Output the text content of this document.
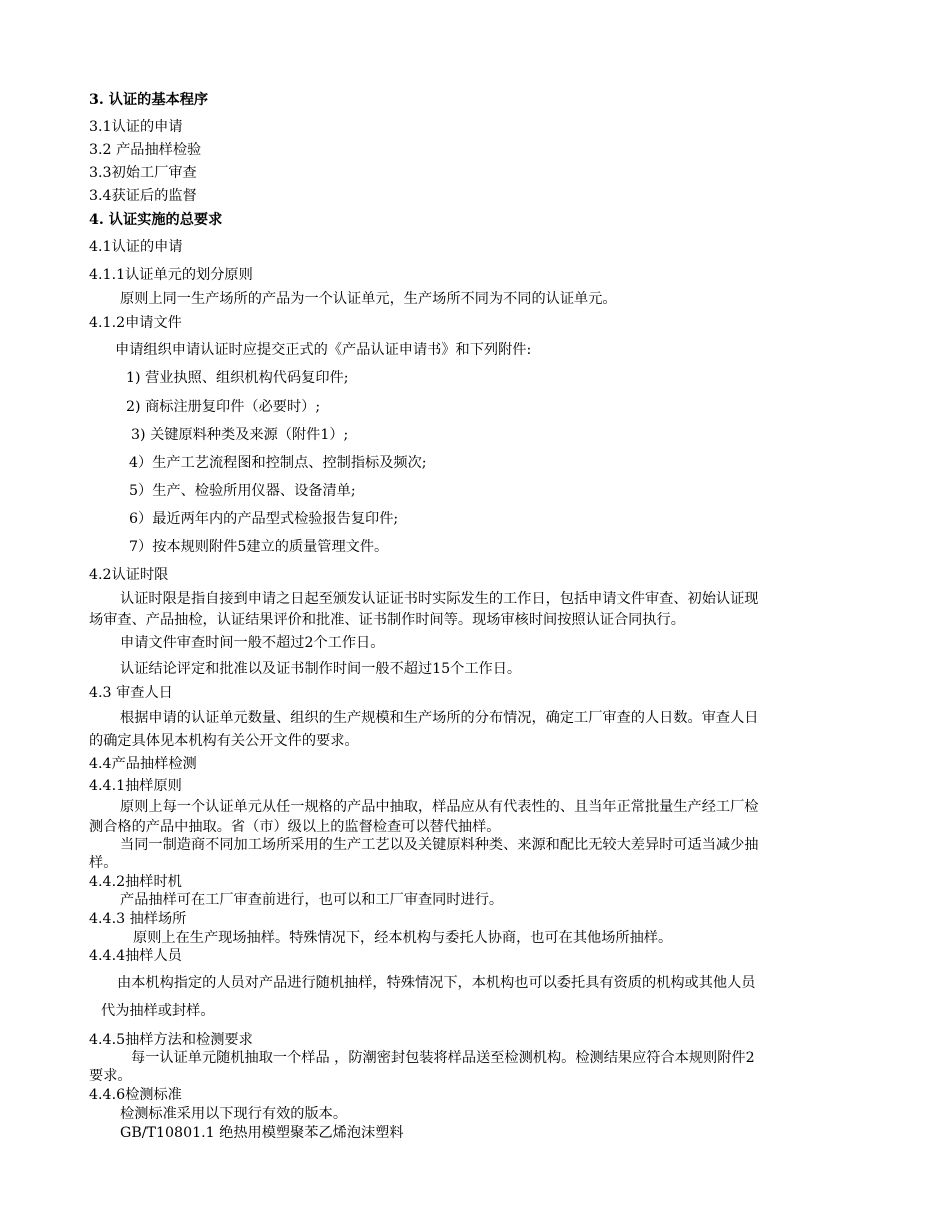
3. 认证的基本程序
3.1认证的申请
3.2 产品抽样检验
3.3初始工厂审查
3.4获证后的监督
4. 认证实施的总要求
4.1认证的申请
4.1.1认证单元的划分原则
原则上同一生产场所的产品为一个认证单元，生产场所不同为不同的认证单元。
4.1.2申请文件
申请组织申请认证时应提交正式的《产品认证申请书》和下列附件:
1) 营业执照、组织机构代码复印件;
2) 商标注册复印件（必要时）;
3) 关键原料种类及来源（附件1）;
4）生产工艺流程图和控制点、控制指标及频次;
5）生产、检验所用仪器、设备清单;
6）最近两年内的产品型式检验报告复印件;
7）按本规则附件5建立的质量管理文件。
4.2认证时限
认证时限是指自接到申请之日起至颁发认证证书时实际发生的工作日，包括申请文件审查、初始认证现
场审查、产品抽检，认证结果评价和批准、证书制作时间等。现场审核时间按照认证合同执行。
申请文件审查时间一般不超过2个工作日。
认证结论评定和批准以及证书制作时间一般不超过15个工作日。
4.3 审查人日
根据申请的认证单元数量、组织的生产规模和生产场所的分布情况，确定工厂审查的人日数。审查人日
的确定具体见本机构有关公开文件的要求。
4.4产品抽样检测
4.4.1抽样原则
原则上每一个认证单元从任一规格的产品中抽取，样品应从有代表性的、且当年正常批量生产经工厂检
测合格的产品中抽取。省（市）级以上的监督检查可以替代抽样。
当同一制造商不同加工场所采用的生产工艺以及关键原料种类、来源和配比无较大差异时可适当减少抽
样。
4.4.2抽样时机
产品抽样可在工厂审查前进行，也可以和工厂审查同时进行。
4.4.3 抽样场所
原则上在生产现场抽样。特殊情况下，经本机构与委托人协商，也可在其他场所抽样。
4.4.4抽样人员
由本机构指定的人员对产品进行随机抽样，特殊情况下，本机构也可以委托具有资质的机构或其他人员
代为抽样或封样。
4.4.5抽样方法和检测要求
每一认证单元随机抽取一个样品 ，防潮密封包装将样品送至检测机构。检测结果应符合本规则附件2
要求。
4.4.6检测标准
检测标准采用以下现行有效的版本。
GB/T10801.1 绝热用模塑聚苯乙烯泡沫塑料
